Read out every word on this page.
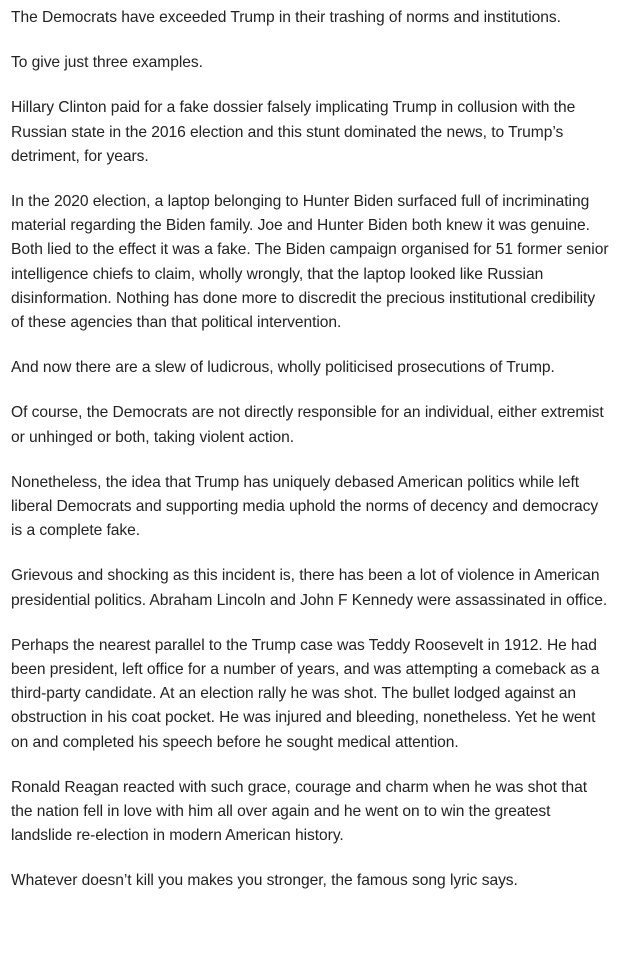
The Democrats have exceeded Trump in their trashing of norms and institutions.

To give just three examples.

Hillary Clinton paid for a fake dossier falsely implicating Trump in collusion with the Russian state in the 2016 election and this stunt dominated the news, to Trump’s detriment, for years.

In the 2020 election, a laptop belonging to Hunter Biden surfaced full of incriminating material regarding the Biden family. Joe and Hunter Biden both knew it was genuine. Both lied to the effect it was a fake. The Biden campaign organised for 51 former senior intelligence chiefs to claim, wholly wrongly, that the laptop looked like Russian disinformation. Nothing has done more to discredit the precious institutional credibility of these agencies than that political intervention.

And now there are a slew of ludicrous, wholly politicised prosecutions of Trump.

Of course, the Democrats are not directly responsible for an individual, either extremist or unhinged or both, taking violent action.

Nonetheless, the idea that Trump has uniquely debased American politics while left liberal Democrats and supporting media uphold the norms of decency and democracy is a complete fake.

Grievous and shocking as this incident is, there has been a lot of violence in American presidential politics. Abraham Lincoln and John F Kennedy were assassinated in office.

Perhaps the nearest parallel to the Trump case was Teddy Roosevelt in 1912. He had been president, left office for a number of years, and was attempting a comeback as a third-party candidate. At an election rally he was shot. The bullet lodged against an obstruction in his coat pocket. He was injured and bleeding, nonetheless. Yet he went on and completed his speech before he sought medical attention.

Ronald Reagan reacted with such grace, courage and charm when he was shot that the nation fell in love with him all over again and he went on to win the greatest landslide re-election in modern American history.

Whatever doesn’t kill you makes you stronger, the famous song lyric says.
